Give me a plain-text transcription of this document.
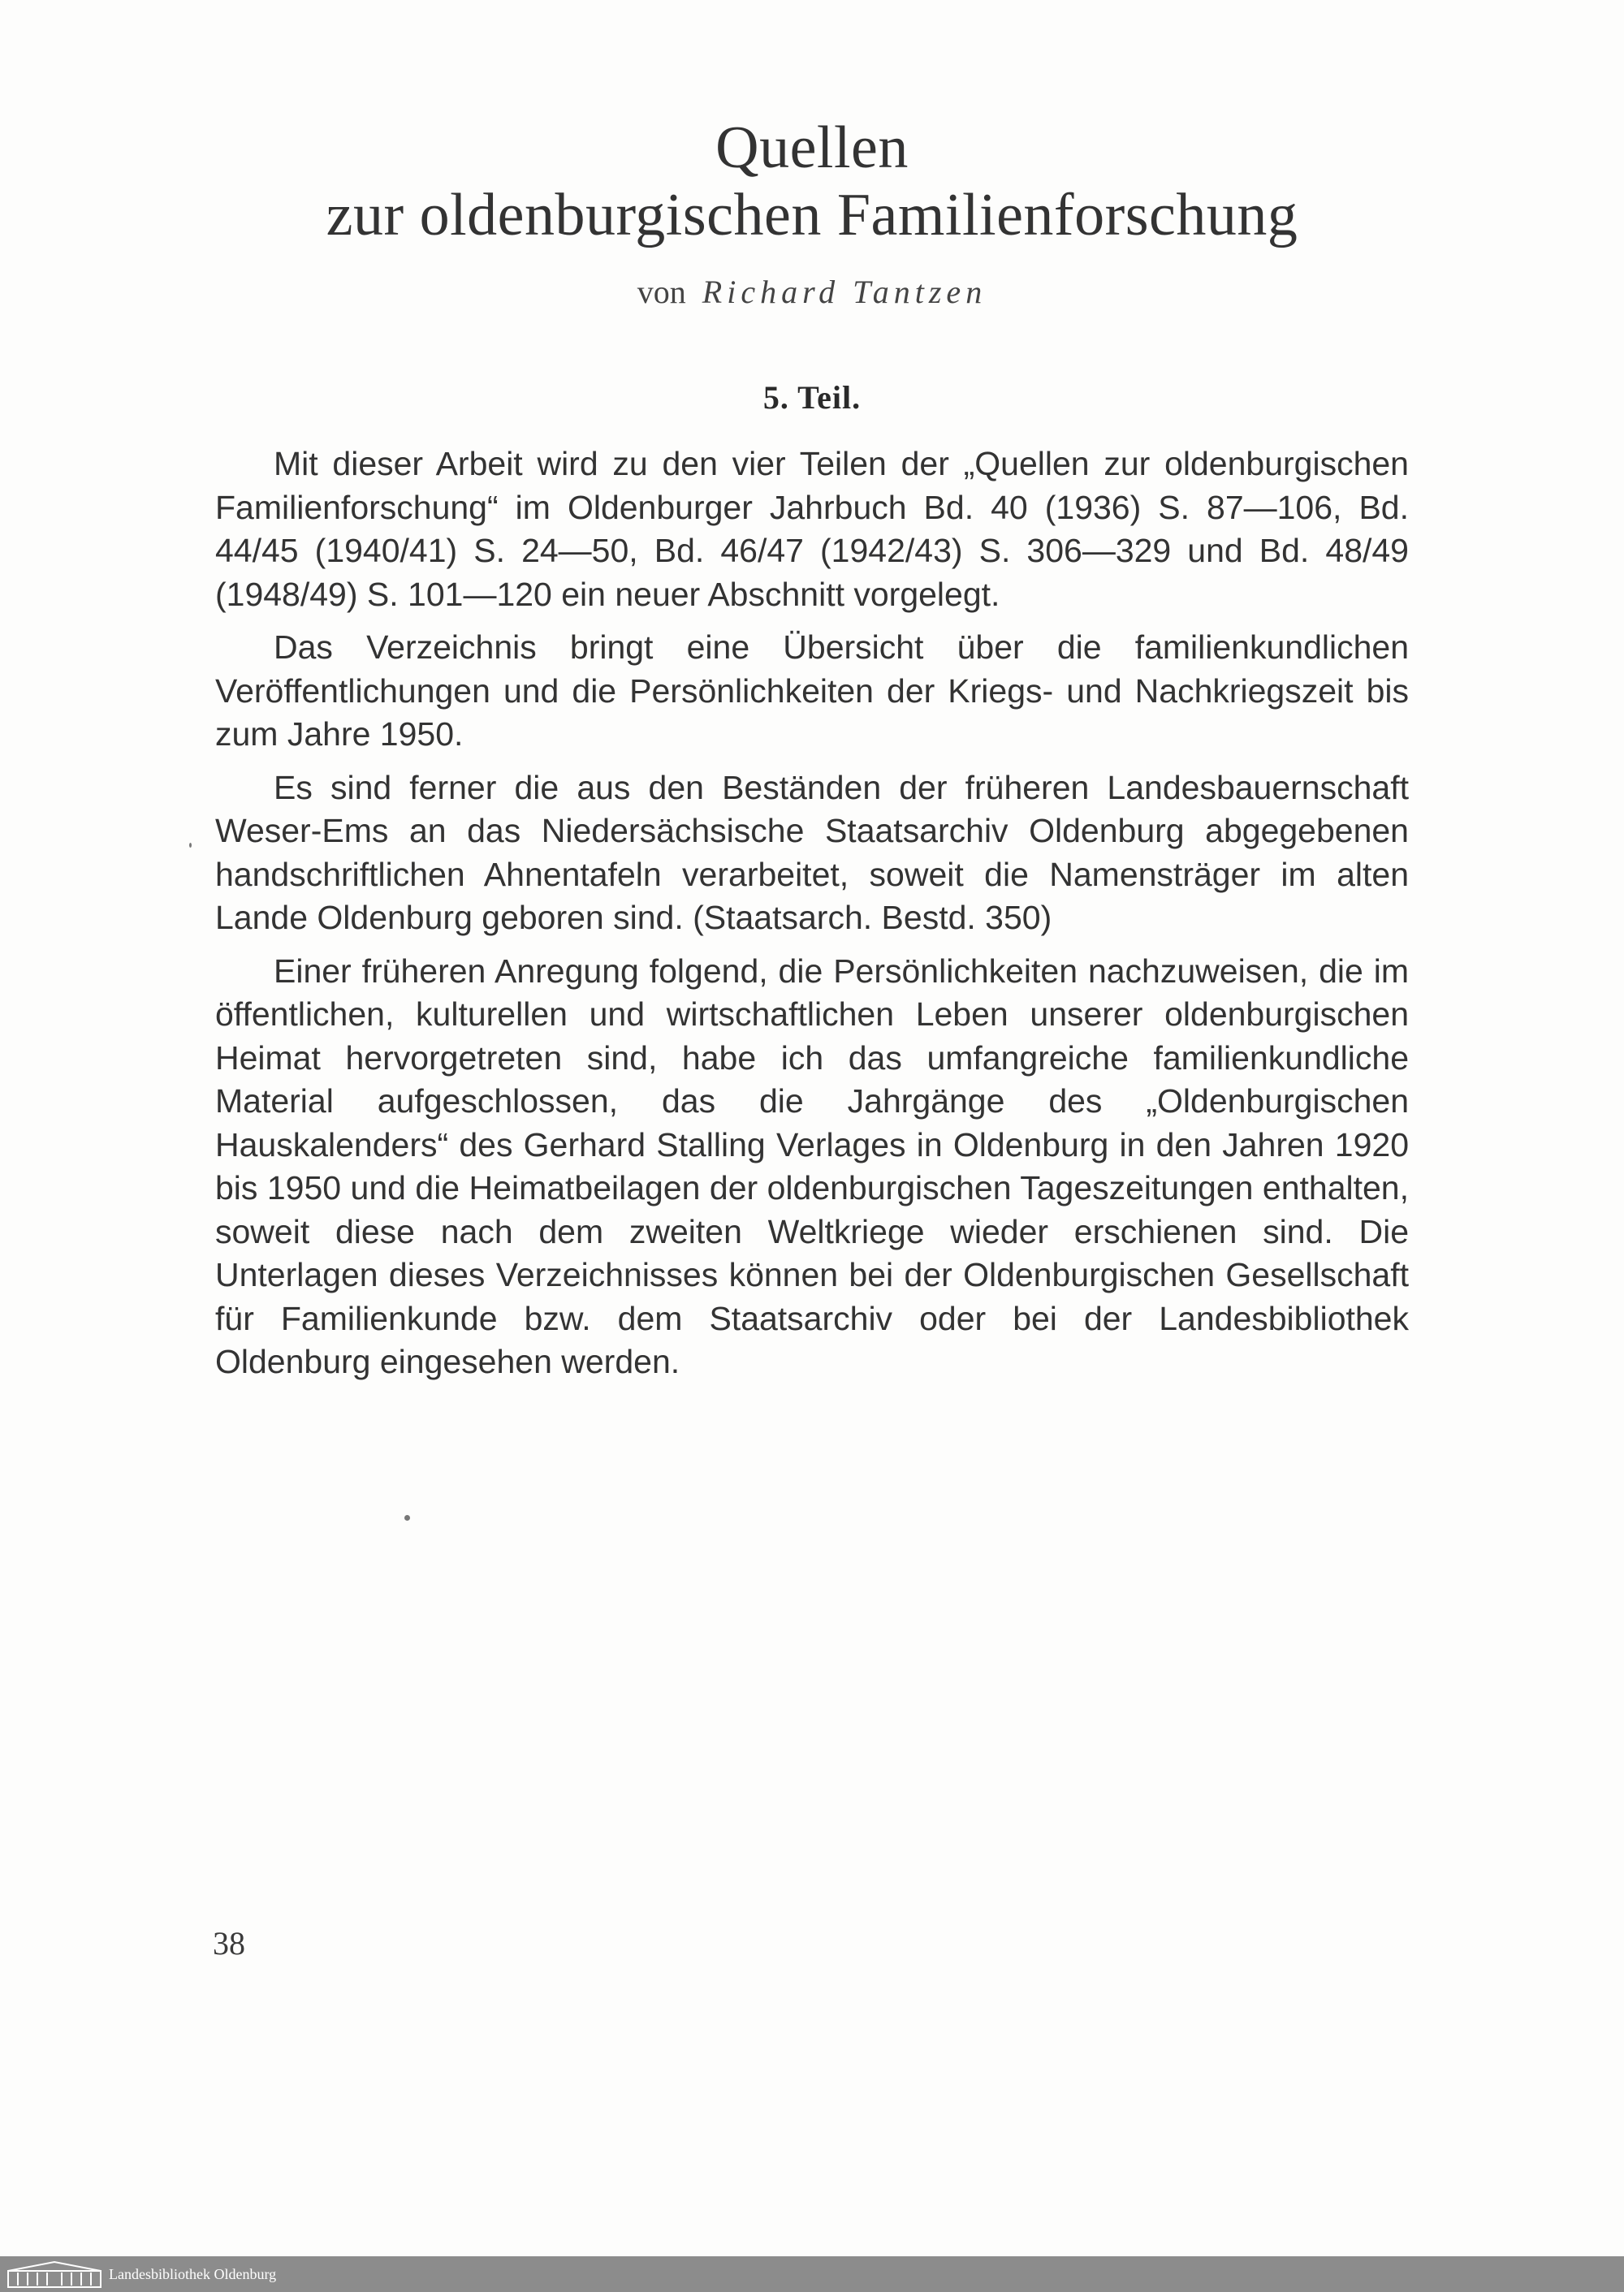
Quellen
zur oldenburgischen Familienforschung
von Richard Tantzen
5. Teil.

Mit dieser Arbeit wird zu den vier Teilen der „Quellen zur oldenburgischen Familienforschung“ im Oldenburger Jahrbuch Bd. 40 (1936) S. 87—106, Bd. 44/45 (1940/41) S. 24—50, Bd. 46/47 (1942/43) S. 306—329 und Bd. 48/49 (1948/49) S. 101—120 ein neuer Abschnitt vorgelegt.

Das Verzeichnis bringt eine Übersicht über die familienkundlichen Veröffentlichungen und die Persönlichkeiten der Kriegs- und Nachkriegszeit bis zum Jahre 1950.

Es sind ferner die aus den Beständen der früheren Landesbauernschaft Weser-Ems an das Niedersächsische Staatsarchiv Oldenburg abgegebenen handschriftlichen Ahnentafeln verarbeitet, soweit die Namensträger im alten Lande Oldenburg geboren sind. (Staatsarch. Bestd. 350)

Einer früheren Anregung folgend, die Persönlichkeiten nachzuweisen, die im öffentlichen, kulturellen und wirtschaftlichen Leben unserer oldenburgischen Heimat hervorgetreten sind, habe ich das umfangreiche familienkundliche Material aufgeschlossen, das die Jahrgänge des „Oldenburgischen Hauskalenders“ des Gerhard Stalling Verlages in Oldenburg in den Jahren 1920 bis 1950 und die Heimatbeilagen der oldenburgischen Tageszeitungen enthalten, soweit diese nach dem zweiten Weltkriege wieder erschienen sind. Die Unterlagen dieses Verzeichnisses können bei der Oldenburgischen Gesellschaft für Familienkunde bzw. dem Staatsarchiv oder bei der Landesbibliothek Oldenburg eingesehen werden.

38
Landesbibliothek Oldenburg
